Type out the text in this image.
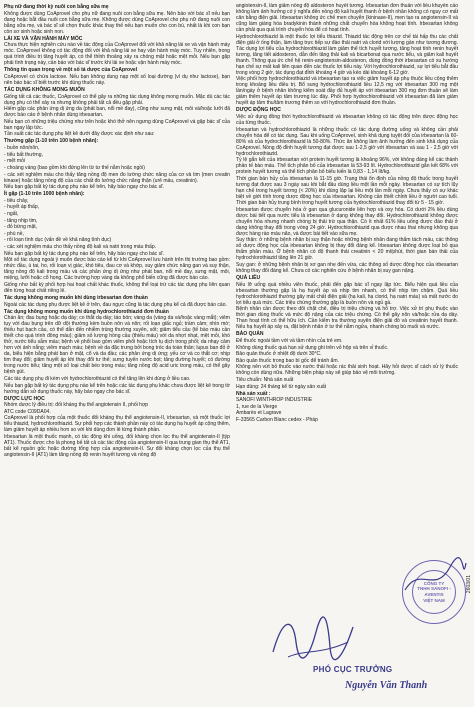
Phụ nữ đang thời kỳ nuôi con bằng sữa mẹ

Không được dùng CoAprovel cho phụ nữ đang nuôi con bằng sữa mẹ. Nên báo với bác sĩ nếu bạn đang hoặc bắt đầu nuôi con bằng sữa mẹ. Không được dùng CoAprovel cho phụ nữ đang nuôi con bằng sữa mẹ, và bác sĩ sẽ chọn thuốc khác thay thế nếu bạn muốn cho con bú, nhất là khi con bạn còn sơ sinh hoặc sinh non.

LÁI XE VÀ VẬN HÀNH MÁY MÓC

Chưa thực hiện nghiên cứu nào về tác động của CoAprovel đối với khả năng lái xe và vận hành máy móc. CoAprovel không có tác động đối với khả năng lái xe hay vận hành máy móc. Tuy nhiên, trong quá trình điều trị tăng huyết áp, có thể thỉnh thoảng xảy ra chóng mặt hoặc mệt mỏi. Nếu bạn gặp phải tình trạng này, cần báo với bác sĩ trước khi lái xe hoặc vận hành máy móc.

Thông tin quan trọng về một số tá dược của CoAprovel

CoAprovel có chứa lactose. Nếu bạn không dung nạp một số loại đường (ví dụ như lactose), bạn nên báo bác sĩ biết trước khi dùng thuốc này.

TÁC DỤNG KHÔNG MONG MUỐN

Giống tất cả các thuốc, CoAprovel có thể gây ra những tác dụng không mong muốn. Mặc dù các tác dụng phụ có thể xảy ra nhưng không phải tất cả đều gặp phải.

Hiếm gặp các phản ứng dị ứng da (phát ban, nổi mề đay), cũng như sưng mặt, môi và/hoặc lưỡi đã được báo cáo ở bệnh nhân dùng irbesartan.

Nếu bạn có những triệu chứng như trên hoặc khó thở nên ngưng dùng CoAprovel và gặp bác sĩ của bạn ngay lập tức.

Tần suất các tác dụng phụ liệt kê dưới đây được xác định như sau:

Thường gặp (1-10 trên 100 bệnh nhân):

- buồn nôn/nôn,

- tiểu bất thường,

- mệt mỏi

- choáng váng (bao gồm khi đứng lên từ tư thế nằm hoặc ngồi)

- các xét nghiệm máu cho thấy tăng nồng độ men đo lường chức năng của cơ và tim (men creatin kinase) hoặc tăng nồng độ của các chất đo lường chức năng thận (urê máu, creatinin).

Nếu bạn gặp bất kỳ tác dụng phụ nào kể trên, hãy báo ngay cho bác sĩ.

Ít gặp (1-10 trên 1000 bệnh nhân):

- tiêu chảy,

- huyết áp thấp,

- ngất,

- tăng nhịp tim,

- đỏ bừng mặt,

- phù nề,

- rối loạn tình dục (vấn đề về khả năng tình dục)

- các xét nghiệm máu cho thấy nồng độ kali và natri trong máu thấp.

Nếu bạn gặp bất kỳ tác dụng phụ nào kể trên, hãy báo ngay cho bác sĩ.

Một số tác dụng ngoài ý muốn được báo cáo kể từ khi CoAprovel lưu hành trên thị trường bao gồm: nhức đầu, ù tai, ho, rối loạn vị giác, khó tiêu, đau cơ và khớp, suy giảm chức năng gan và suy thận, tăng nồng độ kali trong máu và các phản ứng dị ứng như phát ban, nổi mề đay, sưng mặt, môi, miệng, lưỡi hoặc cổ họng. Các trường hợp vàng da không phổ biến cũng đã được báo cáo.

Giống như bất kỳ phối hợp hai hoạt chất khác thuốc, không thể loại trừ các tác dụng phụ liên quan đến từng hoạt chất riêng lẻ.

Tác dụng không mong muốn khi dùng irbesartan đơn thuần

Ngoài các tác dụng phụ được liệt kê ở trên, đau ngực cũng là tác dụng phụ kể cả đã được báo cáo.

Tác dụng không mong muốn khi dùng hydrochlorothiazid đơn thuần

Chán ăn; đau bụng hoặc dạ dày; co thắt dạ dày; táo bón; vàng da (vàng da và/hoặc vàng mắt); viêm tụy với đau bụng trên dữ dội thường kèm buồn nôn và nôn; rối loạn giấc ngủ; trầm cảm; nhìn mờ; thiếu hụt bạch cầu, có thể dẫn đến nhiễm trùng thường xuyên, sốt; giảm tiểu cầu (tế bào máu cần thiết cho quá trình đông máu); giảm số lượng hồng cầu (thiếu máu) với da nhợt nhạt, mệt mỏi, khó thở, nước tiểu sẫm màu; bệnh về phổi bao gồm viêm phổi hoặc tích tụ dịch trong phổi; da nhạy cảm hơn với ánh nắng; viêm mạch máu; bệnh về da đặc trưng bởi bong tróc da toàn thân; lupus ban đỏ ở da, biểu hiện bằng phát ban ở mặt, cổ và da đầu; các phản ứng dị ứng; yếu cơ và co thắt cơ; nhịp tim thay đổi; giảm huyết áp khi thay đổi tư thế; sưng tuyến nước bọt; tăng đường huyết; có đường trong nước tiểu; tăng một số loại chất béo trong máu; tăng nồng độ acid uric trong máu, có thể gây bệnh gút.

Các tác dụng phụ đi kèm với hydrochlorothiazid có thể tăng lên khi dùng ở liều cao.

Nếu bạn gặp bất kỳ tác dụng phụ nào kể trên hoặc các tác dụng phụ khác chưa được liệt kê trong tờ hướng dẫn sử dụng thuốc này, hãy báo ngay cho bác sĩ.

DƯỢC LỰC HỌC

Nhóm dược lý điều trị: đối kháng thụ thể angiotensin II, phối hợp

ATC code C09DA04.

CoAprovel là phối hợp của một thuốc đối kháng thụ thể angiotensin-II, irbesartan, và một thuốc lợi tiểu thiazid, hydrochlorothiazid. Sự phối hợp các thành phần này có tác dụng hạ huyết áp cộng thêm, làm giảm huyết áp nhiều hơn so với khi dùng đơn lẻ từng thành phần.

Irbesartan là một thuốc mạnh, có tác động khi uống, đối kháng chọn lọc thụ thể angiotensin-II (týp AT1). Thuốc được cho là phong bế tất cả các tác động của angiotensin-II qua trung gian thụ thể AT1, bất kể nguồn gốc hoặc đường tổng hợp của angiotensin-II. Sự đối kháng chọn lọc của thụ thể angiotensin-II (AT1) làm tăng nồng độ renin huyết tương và nồng độ

angiotensin-II, làm giảm nồng độ aldosteron huyết tương. Irbesartan đơn thuần với liều khuyến cáo không làm ảnh hưởng có ý nghĩa đến nồng độ kali huyết thanh ở bệnh nhân không có nguy cơ mất cân bằng điện giải. Irbesartan không ức chế men chuyển (kininase-II), men tạo ra angiotensin-II và cũng làm giáng hóa bradykinin thành những chất chuyển hóa không hoạt tính. Irbesartan không cần phải qua quá trình chuyển hóa để có hoạt tính.

Hydrochlorothiazid là một thuốc lợi tiểu thiazid. Thiazid tác động trên cơ chế tái hấp thu các chất điện giải ở ống thận, làm tăng trực tiếp sự đào thải natri và clorid với lượng gần như tương đương. Tác dụng lợi tiểu của hydrochlorothiazid làm giảm thể tích huyết tương, tăng hoạt tính renin huyết tương, tăng tiết aldosteron, dẫn đến tăng thải kali và bicarbonat qua nước tiểu, và giảm kali huyết thanh. Thông qua ức chế hệ renin-angiotensin-aldosteron, dùng đồng thời irbesartan có xu hướng hạn chế sự mất kali liên quan đến các thuốc lợi tiểu này. Với hydrochlorothiazid, sự lợi tiểu bắt đầu trong vòng 2 giờ, tác dụng đạt đỉnh khoảng 4 giờ và kéo dài khoảng 6-12 giờ.

Việc phối hợp hydrochlorothiazid và irbesartan tạo ra việc giảm huyết áp phụ thuộc liều cộng thêm trong khoảng liều điều trị. Bổ sung hydrochlorothiazid liều 12,5 mg với irbesartan 300 mg một lần/ngày ở bệnh nhân không kiểm soát đầy đủ huyết áp với irbesartan 300 mg đơn thuần sẽ làm giảm thêm huyết áp tâm trương lúc đáy. Phối hợp hydrochlorothiazid với irbesartan đã làm giảm huyết áp tâm thu/tâm trương thêm so với hydrochlorothiazid đơn thuần.

DƯỢC ĐỘNG HỌC

Việc sử dụng đồng thời hydrochlorothiazid và irbesartan không có tác động trên dược động học của từng thuốc.

Irbesartan và hydrochlorothiazid là những thuốc có tác dụng đường uống và không cần phải chuyển hóa để có tác dụng. Sau khi uống CoAprovel, sinh khả dụng tuyệt đối của irbesartan là 60-80% và của hydrochlorothiazid là 50-80%. Thức ăn không làm ảnh hưởng đến sinh khả dụng của CoAprovel. Nồng độ đỉnh huyết tương đạt được sau 1-2,5 giờ với irbesartan và sau 1 - 2,5 giờ với hydrochlorothiazid.

Tỷ lệ gắn kết của irbesartan với protein huyết tương là khoảng 96%, với không đáng kể các thành phần tế bào máu. Thể tích phân bố của irbesartan là 53-93 lít. Hydrochlorothiazid gắn kết 68% với protein huyết tương và thể tích phân bố biểu kiến là 0,83 - 1,14 lít/kg.

Thời gian bán hủy của irbesartan là 11-15 giờ. Trạng thái ổn định của nồng độ thuốc trong huyết tương đạt được sau 3 ngày sau khi bắt đầu dùng liều một lần mỗi ngày. Irbesartan có sự tích lũy hạn chế trong huyết tương (< 20%) khi dùng lặp lại liều một lần mỗi ngày. Chưa thấy có sự khác biệt về giới tính trong dược động học của irbesartan. Không cần thiết chỉnh liều ở người cao tuổi. Thời gian bán hủy trung bình trong huyết tương của hydrochlorothiazid thay đổi từ 5 - 15 giờ.

Irbesartan được chuyển hóa ở gan qua glucuronide liên hợp và oxy hóa. Có dưới 2% liều dùng được bài tiết qua nước tiểu là irbesartan ở dạng không thay đổi. Hydrochlorothiazid không được chuyển hóa nhưng nhanh chóng bị thải trừ qua thận. Có ít nhất 61% liều uống được đào thải ở dạng không thay đổi trong vòng 24 giờ. Hydrochlorothiazid qua được nhau thai nhưng không qua được hàng rào máu não, và được bài tiết vào sữa mẹ.

Suy thận: ở những bệnh nhân bị suy thận hoặc những bệnh nhân đang thẩm tách máu, các thông số dược động học của irbesartan không bị thay đổi đáng kể. Irbesartan không được loại bỏ qua thẩm phân máu. Ở bệnh nhân có độ thanh thải creatinin < 20 ml/phút, thời gian bán thải của hydrochlorothiazid tăng lên 21 giờ.

Suy gan: ở những bệnh nhân bị xơ gan nhẹ đến vừa, các thông số dược động học của irbesartan không thay đổi đáng kể. Chưa có các nghiên cứu ở bệnh nhân bị suy gan nặng.

QUÁ LIỀU

Nếu lỡ uống quá nhiều viên thuốc, phải đến gặp bác sĩ ngay lập tức. Biểu hiện quá liều của irbesartan thường gặp là hạ huyết áp và nhịp tim nhanh, có thể nhịp tim chậm. Quá liều hydrochlorothiazid thường gây mất chất điện giải (hạ kali, hạ clorid, hạ natri máu) và mất nước do lợi tiểu quá mức. Các triệu chứng thường gặp là buồn nôn và ngủ gà.

Bệnh nhân cần được theo dõi chặt chẽ, điều trị triệu chứng và hỗ trợ. Việc xử trí phụ thuộc vào thời gian dùng thuốc và mức độ nặng của các triệu chứng. Có thể gây nôn và/hoặc rửa dạ dày. Than hoạt tính có thể hữu ích. Cần kiểm tra thường xuyên điện giải đồ và creatinin huyết thanh. Nếu hạ huyết áp xảy ra, đặt bệnh nhân ở tư thế nằm ngửa, nhanh chóng bù muối và nước.

BẢO QUẢN

Để thuốc ngoài tầm với và tầm nhìn của trẻ em.

Không dùng thuốc quá hạn sử dụng ghi trên vỏ hộp và trên vỉ thuốc.

Bảo quản thuốc ở nhiệt độ dưới 30°C.

Bảo quản thuốc trong bao bì gốc để tránh ẩm.

Không nên vứt bỏ thuốc vào nước thải hoặc rác thải sinh hoạt. Hãy hỏi dược sĩ cách xử lý thuốc không còn dùng nữa. Những biện pháp này sẽ giúp bảo vệ môi trường.

Tiêu chuẩn: Nhà sản xuất

Hạn dùng: 24 tháng kể từ ngày sản xuất

Nhà sản xuất :

SANOFI WINTHROP INDUSTRIE

1, rue de la Vierge

Ambarès et Lagrave

F-33565 Carbon Blanc cedex - Pháp

2603/01
CÔNG TY
TNHH SANOFI - AVENTIS
VIỆT NAM
PHÓ CỤC TRƯỞNG
Nguyễn Văn Thanh
